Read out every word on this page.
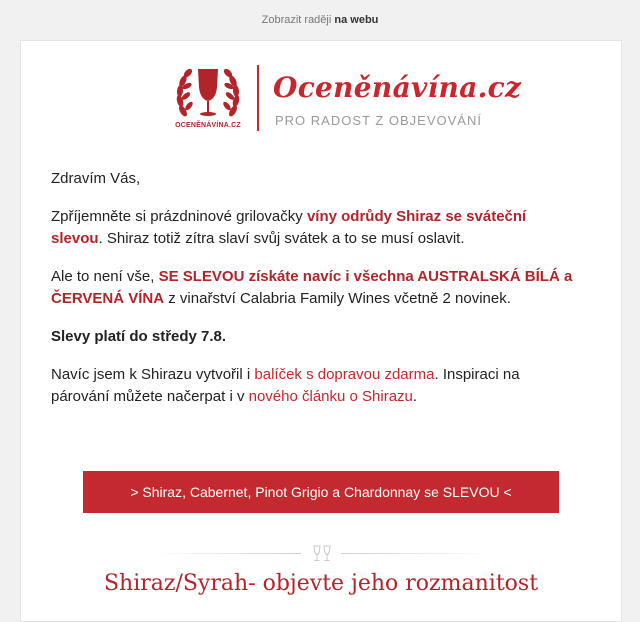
Zobrazit raději na webu
OCENĚNÁVÍNA.CZ
Oceněnávína.cz
PRO RADOST Z OBJEVOVÁNÍ

Zdravím Vás,

Zpříjemněte si prázdninové grilovačky víny odrůdy Shiraz se sváteční slevou. Shiraz totiž zítra slaví svůj svátek a to se musí oslavit.

Ale to není vše, SE SLEVOU získáte navíc i všechna AUSTRALSKÁ BÍLÁ a ČERVENÁ VÍNA z vinařství Calabria Family Wines včetně 2 novinek.

Slevy platí do středy 7.8.

Navíc jsem k Shirazu vytvořil i balíček s dopravou zdarma. Inspiraci na párování můžete načerpat i v nového článku o Shirazu.

> Shiraz, Cabernet, Pinot Grigio a Chardonnay se SLEVOU <
Shiraz/Syrah- objevte jeho rozmanitost
